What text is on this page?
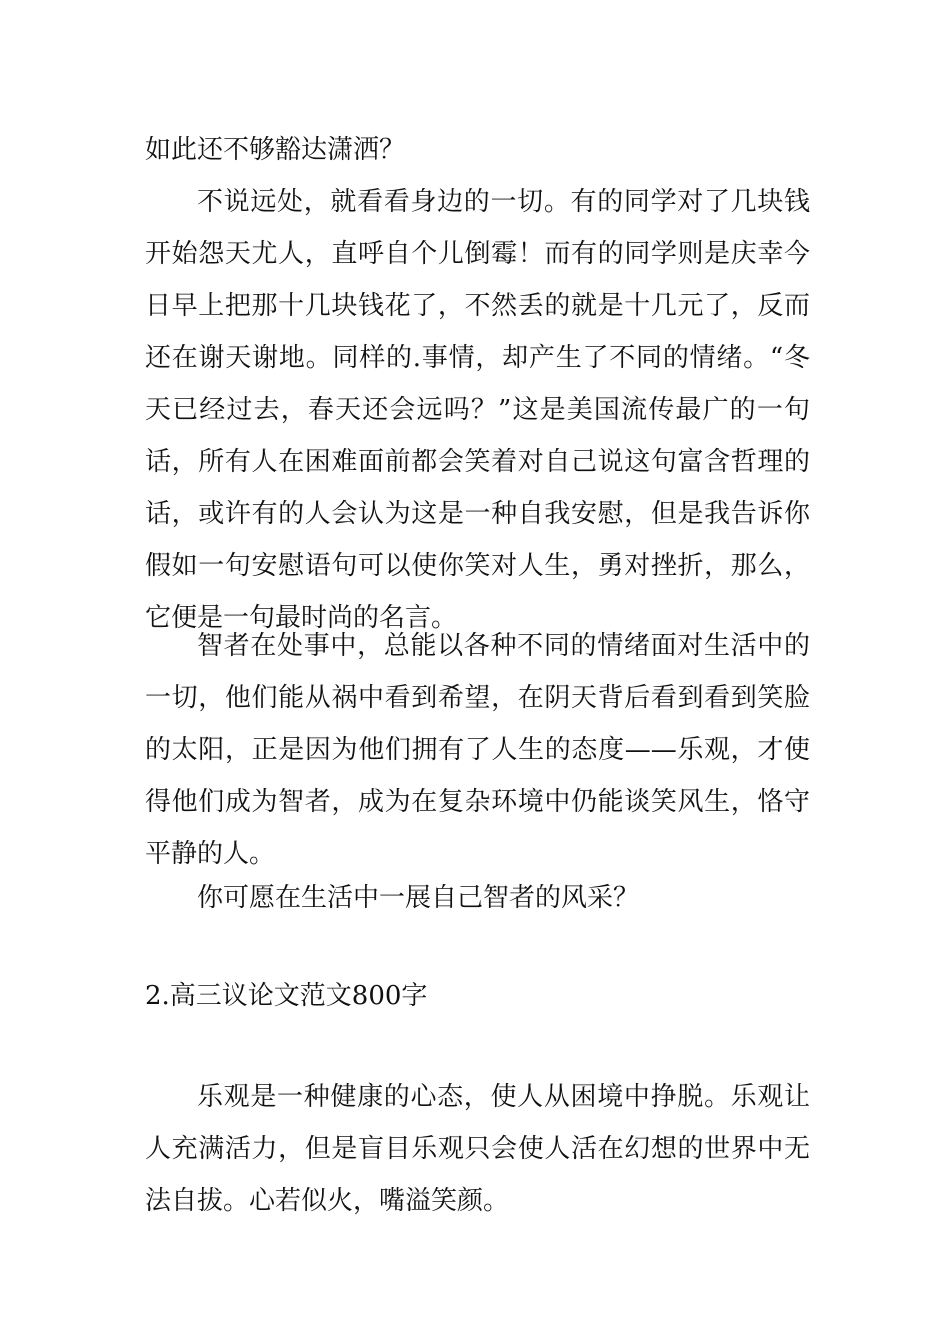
如此还不够豁达潇洒？

不说远处，就看看身边的一切。有的同学对了几块钱开始怨天尤人，直呼自个儿倒霉！而有的同学则是庆幸今日早上把那十几块钱花了，不然丢的就是十几元了，反而还在谢天谢地。同样的.事情，却产生了不同的情绪。“冬天已经过去，春天还会远吗？”这是美国流传最广的一句话，所有人在困难面前都会笑着对自己说这句富含哲理的话，或许有的人会认为这是一种自我安慰，但是我告诉你假如一句安慰语句可以使你笑对人生，勇对挫折，那么，它便是一句最时尚的名言。

智者在处事中，总能以各种不同的情绪面对生活中的一切，他们能从祸中看到希望，在阴天背后看到看到笑脸的太阳，正是因为他们拥有了人生的态度——乐观，才使得他们成为智者，成为在复杂环境中仍能谈笑风生，恪守平静的人。

你可愿在生活中一展自己智者的风采？

2.高三议论文范文800字

乐观是一种健康的心态，使人从困境中挣脱。乐观让人充满活力，但是盲目乐观只会使人活在幻想的世界中无法自拔。心若似火，嘴溢笑颜。
